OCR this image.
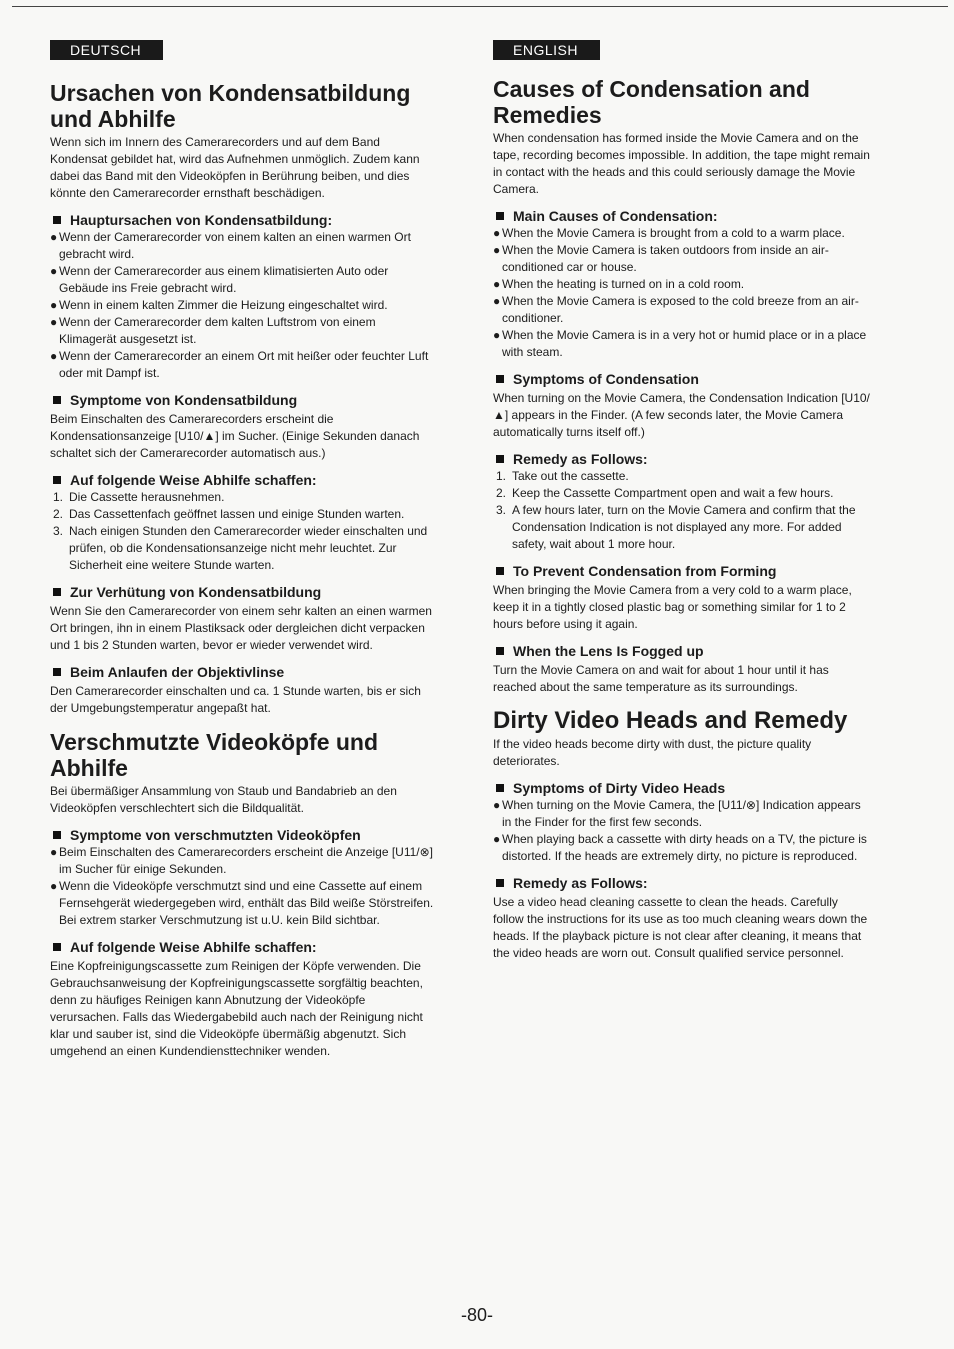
DEUTSCH
Ursachen von Kondensatbildung
und Abhilfe

Wenn sich im Innern des Camerarecorders und auf dem Band Kondensat gebildet hat, wird das Aufnehmen unmöglich. Zudem kann dabei das Band mit den Videoköpfen in Berührung beiben, und dies könnte den Camerarecorder ernsthaft beschädigen.

Hauptursachen von Kondensatbildung:
● Wenn der Camerarecorder von einem kalten an einen warmen Ort gebracht wird.
● Wenn der Camerarecorder aus einem klimatisierten Auto oder Gebäude ins Freie gebracht wird.
● Wenn in einem kalten Zimmer die Heizung eingeschaltet wird.
● Wenn der Camerarecorder dem kalten Luftstrom von einem Klimagerät ausgesetzt ist.
● Wenn der Camerarecorder an einem Ort mit heißer oder feuchter Luft oder mit Dampf ist.
Symptome von Kondensatbildung

Beim Einschalten des Camerarecorders erscheint die Kondensationsanzeige [U10/▲] im Sucher. (Einige Sekunden danach schaltet sich der Camerarecorder automatisch aus.)

Auf folgende Weise Abhilfe schaffen:
1. Die Cassette herausnehmen.
2. Das Cassettenfach geöffnet lassen und einige Stunden warten.
3. Nach einigen Stunden den Camerarecorder wieder einschalten und prüfen, ob die Kondensationsanzeige nicht mehr leuchtet. Zur Sicherheit eine weitere Stunde warten.
Zur Verhütung von Kondensatbildung

Wenn Sie den Camerarecorder von einem sehr kalten an einen warmen Ort bringen, ihn in einem Plastiksack oder dergleichen dicht verpacken und 1 bis 2 Stunden warten, bevor er wieder verwendet wird.

Beim Anlaufen der Objektivlinse

Den Camerarecorder einschalten und ca. 1 Stunde warten, bis er sich der Umgebungstemperatur angepaßt hat.

Verschmutzte Videoköpfe und
Abhilfe

Bei übermäßiger Ansammlung von Staub und Bandabrieb an den Videoköpfen verschlechtert sich die Bildqualität.

Symptome von verschmutzten Videoköpfen
● Beim Einschalten des Camerarecorders erscheint die Anzeige [U11/⊗] im Sucher für einige Sekunden.
● Wenn die Videoköpfe verschmutzt sind und eine Cassette auf einem Fernsehgerät wiedergegeben wird, enthält das Bild weiße Störstreifen. Bei extrem starker Verschmutzung ist u.U. kein Bild sichtbar.
Auf folgende Weise Abhilfe schaffen:

Eine Kopfreinigungscassette zum Reinigen der Köpfe verwenden. Die Gebrauchsanweisung der Kopfreinigungscassette sorgfältig beachten, denn zu häufiges Reinigen kann Abnutzung der Videoköpfe verursachen. Falls das Wiedergabebild auch nach der Reinigung nicht klar und sauber ist, sind die Videoköpfe übermäßig abgenutzt. Sich umgehend an einen Kundendiensttechniker wenden.

ENGLISH
Causes of Condensation and
Remedies

When condensation has formed inside the Movie Camera and on the tape, recording becomes impossible. In addition, the tape might remain in contact with the heads and this could seriously damage the Movie Camera.

Main Causes of Condensation:
● When the Movie Camera is brought from a cold to a warm place.
● When the Movie Camera is taken outdoors from inside an air-conditioned car or house.
● When the heating is turned on in a cold room.
● When the Movie Camera is exposed to the cold breeze from an air-conditioner.
● When the Movie Camera is in a very hot or humid place or in a place with steam.
Symptoms of Condensation

When turning on the Movie Camera, the Condensation Indication [U10/▲] appears in the Finder. (A few seconds later, the Movie Camera automatically turns itself off.)

Remedy as Follows:
1. Take out the cassette.
2. Keep the Cassette Compartment open and wait a few hours.
3. A few hours later, turn on the Movie Camera and confirm that the Condensation Indication is not displayed any more. For added safety, wait about 1 more hour.
To Prevent Condensation from Forming

When bringing the Movie Camera from a very cold to a warm place, keep it in a tightly closed plastic bag or something similar for 1 to 2 hours before using it again.

When the Lens Is Fogged up

Turn the Movie Camera on and wait for about 1 hour until it has reached about the same temperature as its surroundings.

Dirty Video Heads and Remedy

If the video heads become dirty with dust, the picture quality deteriorates.

Symptoms of Dirty Video Heads
● When turning on the Movie Camera, the [U11/⊗] Indication appears in the Finder for the first few seconds.
● When playing back a cassette with dirty heads on a TV, the picture is distorted. If the heads are extremely dirty, no picture is reproduced.
Remedy as Follows:

Use a video head cleaning cassette to clean the heads. Carefully follow the instructions for its use as too much cleaning wears down the heads. If the playback picture is not clear after cleaning, it means that the video heads are worn out. Consult qualified service personnel.

-80-
